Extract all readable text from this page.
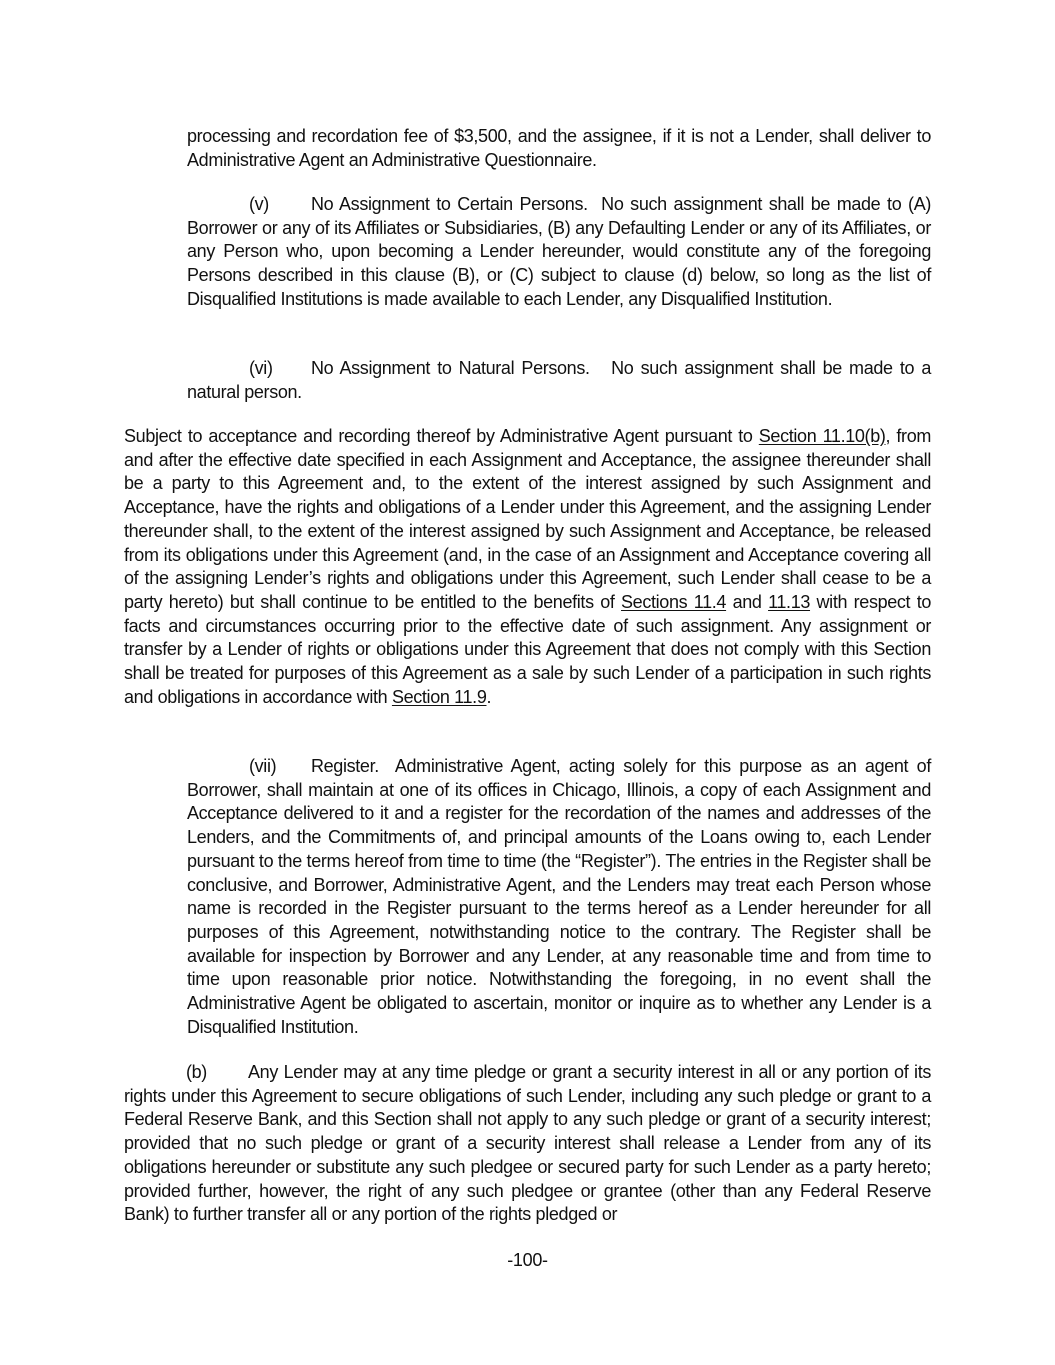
processing and recordation fee of $3,500, and the assignee, if it is not a Lender, shall deliver to Administrative Agent an Administrative Questionnaire.

(v) No Assignment to Certain Persons. No such assignment shall be made to (A) Borrower or any of its Affiliates or Subsidiaries, (B) any Defaulting Lender or any of its Affiliates, or any Person who, upon becoming a Lender hereunder, would constitute any of the foregoing Persons described in this clause (B), or (C) subject to clause (d) below, so long as the list of Disqualified Institutions is made available to each Lender, any Disqualified Institution.

(vi) No Assignment to Natural Persons. No such assignment shall be made to a natural person.

Subject to acceptance and recording thereof by Administrative Agent pursuant to Section 11.10(b), from and after the effective date specified in each Assignment and Acceptance, the assignee thereunder shall be a party to this Agreement and, to the extent of the interest assigned by such Assignment and Acceptance, have the rights and obligations of a Lender under this Agreement, and the assigning Lender thereunder shall, to the extent of the interest assigned by such Assignment and Acceptance, be released from its obligations under this Agreement (and, in the case of an Assignment and Acceptance covering all of the assigning Lender’s rights and obligations under this Agreement, such Lender shall cease to be a party hereto) but shall continue to be entitled to the benefits of Sections 11.4 and 11.13 with respect to facts and circumstances occurring prior to the effective date of such assignment. Any assignment or transfer by a Lender of rights or obligations under this Agreement that does not comply with this Section shall be treated for purposes of this Agreement as a sale by such Lender of a participation in such rights and obligations in accordance with Section 11.9.

(vii) Register. Administrative Agent, acting solely for this purpose as an agent of Borrower, shall maintain at one of its offices in Chicago, Illinois, a copy of each Assignment and Acceptance delivered to it and a register for the recordation of the names and addresses of the Lenders, and the Commitments of, and principal amounts of the Loans owing to, each Lender pursuant to the terms hereof from time to time (the “Register”). The entries in the Register shall be conclusive, and Borrower, Administrative Agent, and the Lenders may treat each Person whose name is recorded in the Register pursuant to the terms hereof as a Lender hereunder for all purposes of this Agreement, notwithstanding notice to the contrary. The Register shall be available for inspection by Borrower and any Lender, at any reasonable time and from time to time upon reasonable prior notice. Notwithstanding the foregoing, in no event shall the Administrative Agent be obligated to ascertain, monitor or inquire as to whether any Lender is a Disqualified Institution.

(b) Any Lender may at any time pledge or grant a security interest in all or any portion of its rights under this Agreement to secure obligations of such Lender, including any such pledge or grant to a Federal Reserve Bank, and this Section shall not apply to any such pledge or grant of a security interest; provided that no such pledge or grant of a security interest shall release a Lender from any of its obligations hereunder or substitute any such pledgee or secured party for such Lender as a party hereto; provided further, however, the right of any such pledgee or grantee (other than any Federal Reserve Bank) to further transfer all or any portion of the rights pledged or

-100-
